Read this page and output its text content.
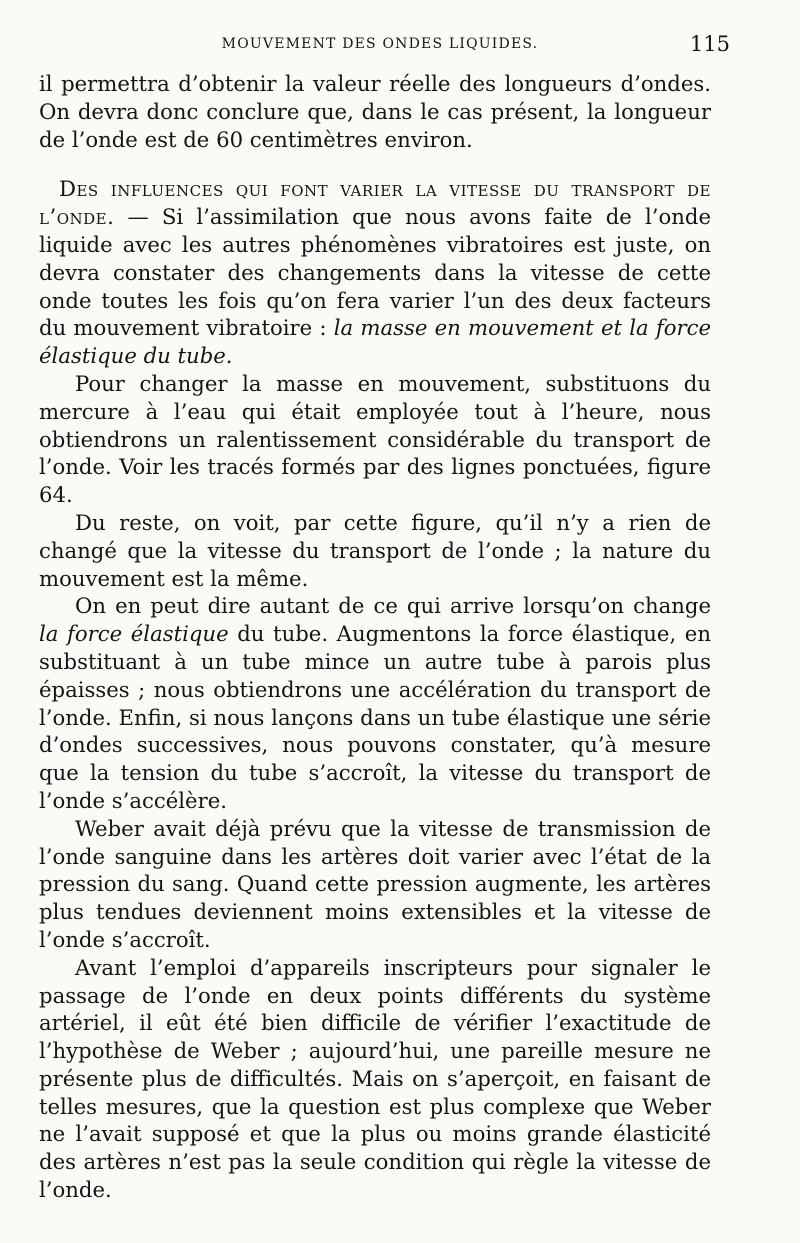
MOUVEMENT DES ONDES LIQUIDES.	115

il permettra d’obtenir la valeur réelle des longueurs d’ondes. On devra donc conclure que, dans le cas présent, la longueur de l’onde est de 60 centimètres environ.

Des influences qui font varier la vitesse du transport de l’onde. — Si l’assimilation que nous avons faite de l’onde liquide avec les autres phénomènes vibratoires est juste, on devra constater des changements dans la vitesse de cette onde toutes les fois qu’on fera varier l’un des deux facteurs du mouvement vibratoire : la masse en mouvement et la force élastique du tube.

Pour changer la masse en mouvement, substituons du mercure à l’eau qui était employée tout à l’heure, nous obtiendrons un ralentissement considérable du transport de l’onde. Voir les tracés formés par des lignes ponctuées, figure 64.

Du reste, on voit, par cette figure, qu’il n’y a rien de changé que la vitesse du transport de l’onde ; la nature du mouvement est la même.

On en peut dire autant de ce qui arrive lorsqu’on change la force élastique du tube. Augmentons la force élastique, en substituant à un tube mince un autre tube à parois plus épaisses ; nous obtiendrons une accélération du transport de l’onde. Enfin, si nous lançons dans un tube élastique une série d’ondes successives, nous pouvons constater, qu’à mesure que la tension du tube s’accroît, la vitesse du transport de l’onde s’accélère.

Weber avait déjà prévu que la vitesse de transmission de l’onde sanguine dans les artères doit varier avec l’état de la pression du sang. Quand cette pression augmente, les artères plus tendues deviennent moins extensibles et la vitesse de l’onde s’accroît.

Avant l’emploi d’appareils inscripteurs pour signaler le passage de l’onde en deux points différents du système artériel, il eût été bien difficile de vérifier l’exactitude de l’hypothèse de Weber ; aujourd’hui, une pareille mesure ne présente plus de difficultés. Mais on s’aperçoit, en faisant de telles mesures, que la question est plus complexe que Weber ne l’avait supposé et que la plus ou moins grande élasticité des artères n’est pas la seule condition qui règle la vitesse de l’onde.
